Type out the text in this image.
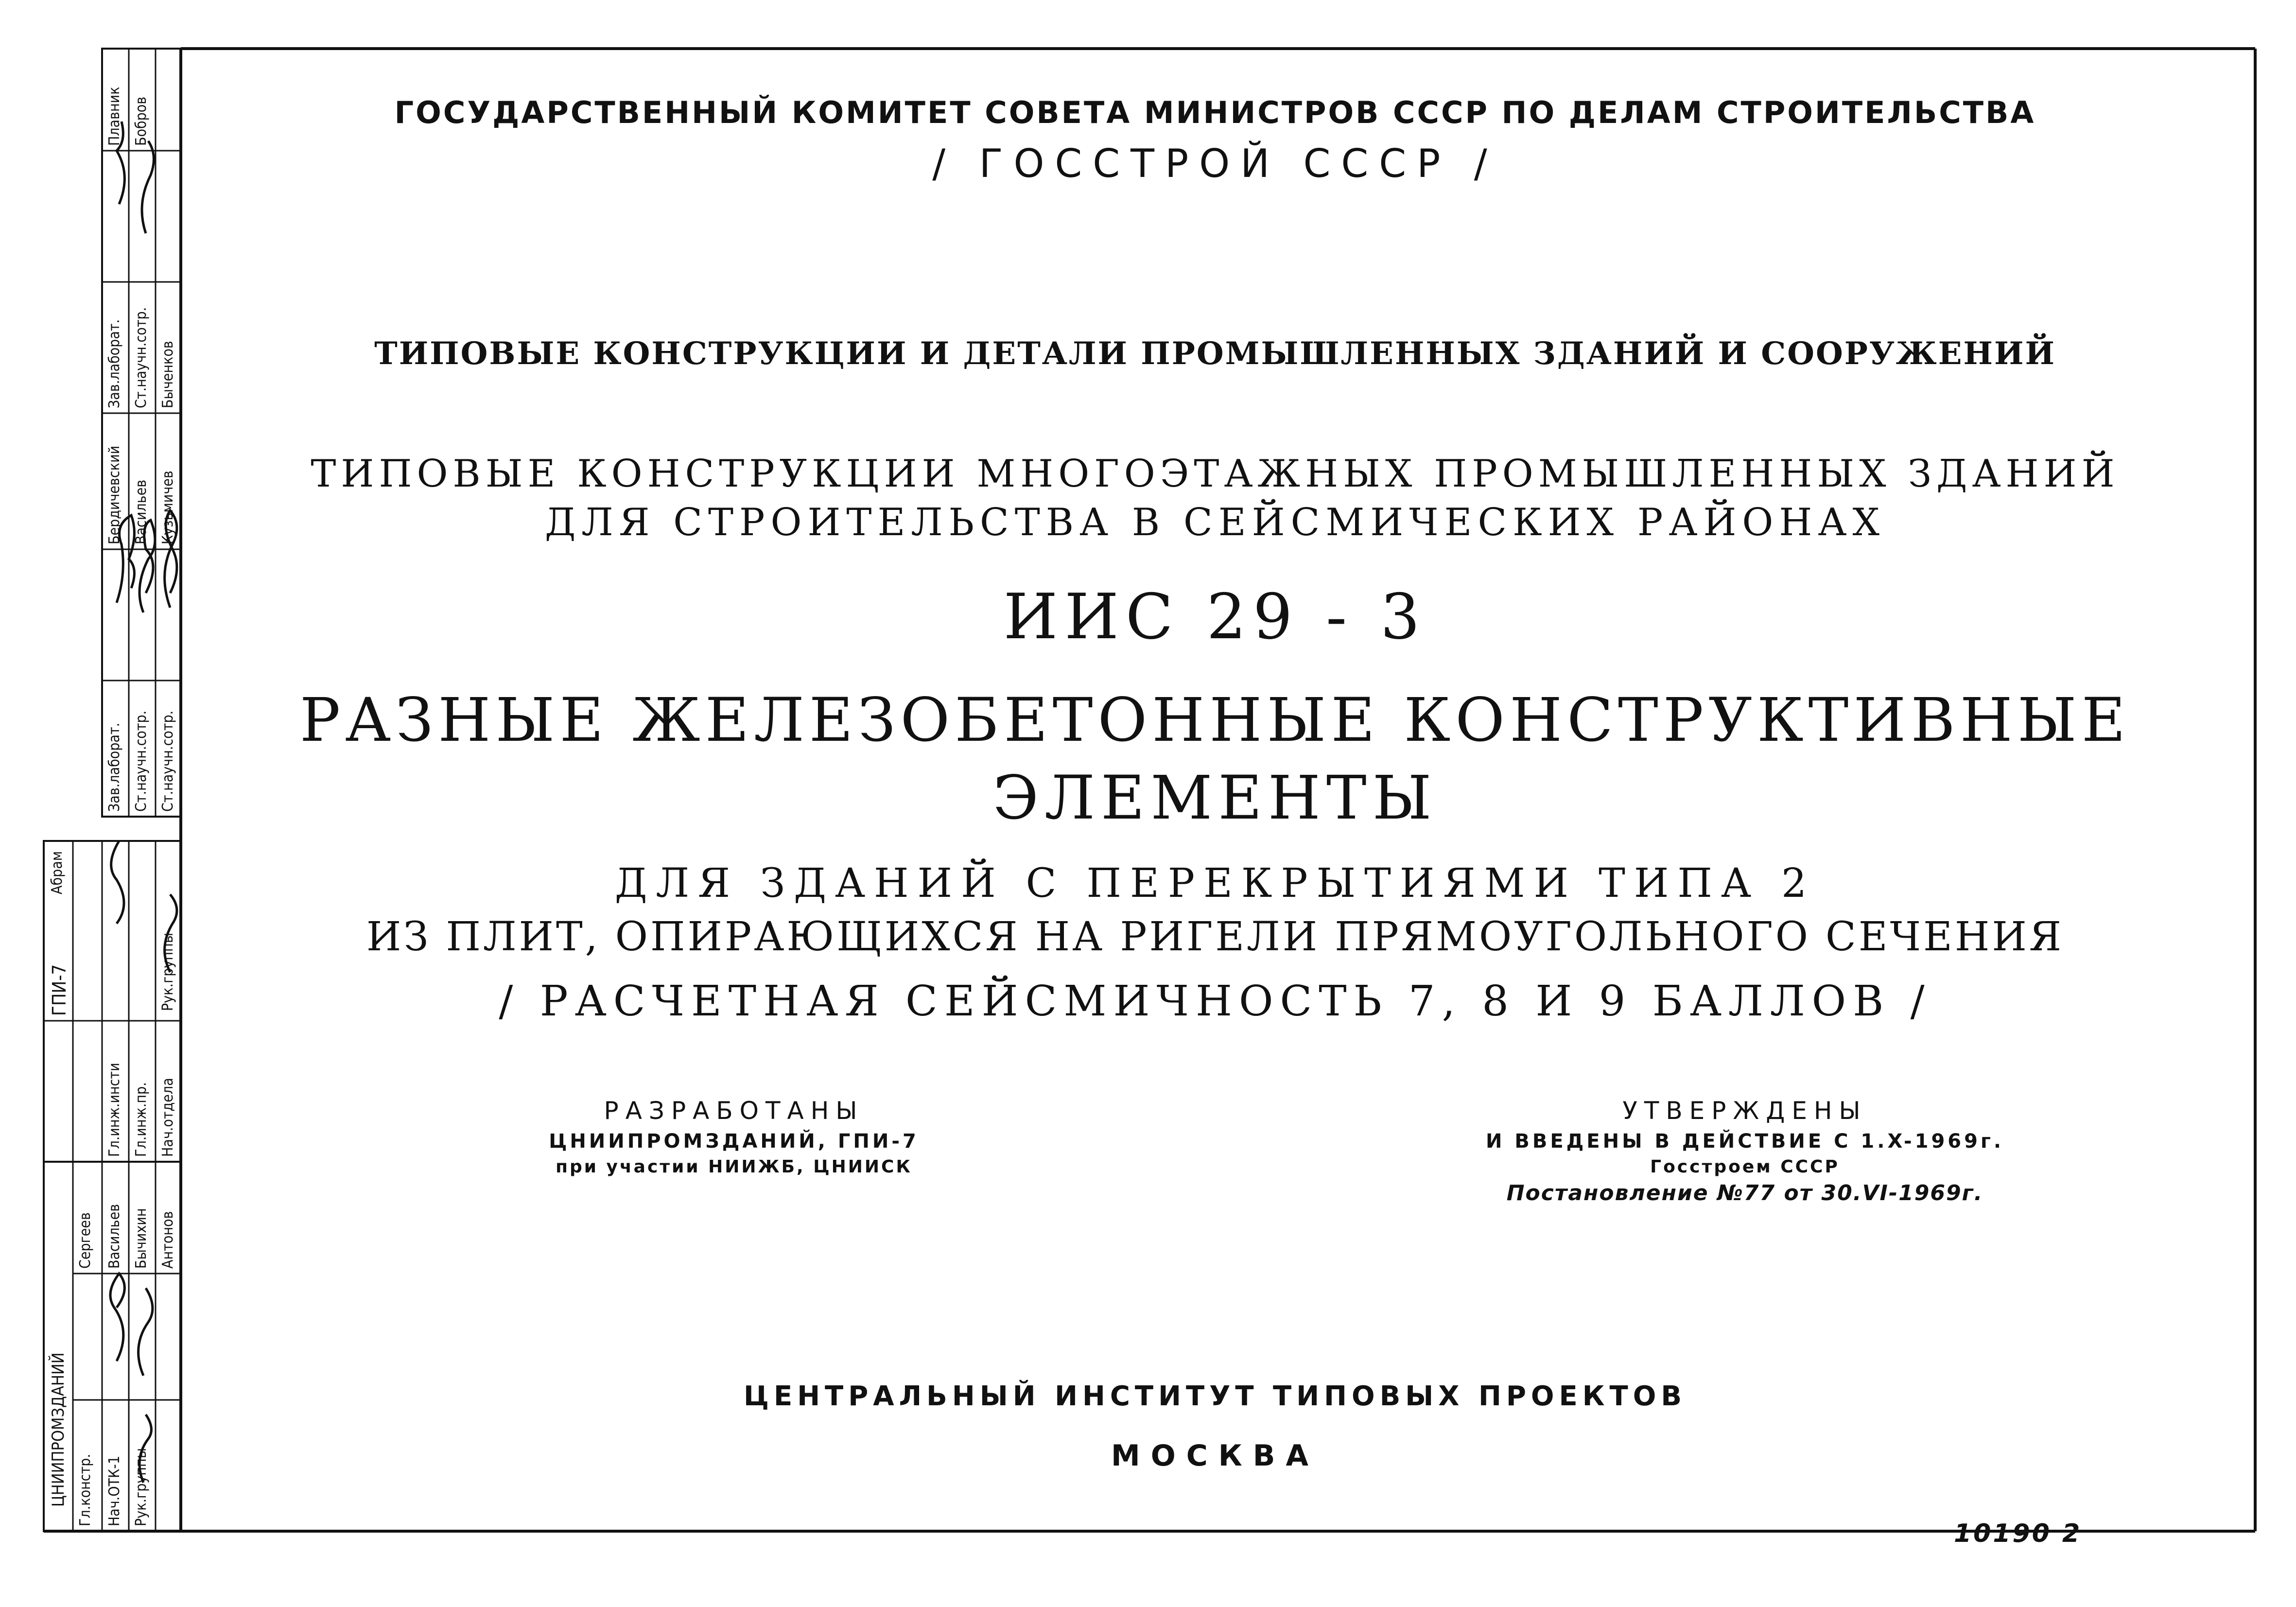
Зав.лаборат. Ст.научн.сотр. Ст.научн.сотр.
Зав.лаборат. Ст.научн.сотр.
Бердичевский Васильев Кузьмичев
Быченков
Плавник Бобров
ГПИ-7
Гл.инж.инсти Гл.инж.пр. Нач.отдела
Рук.группы
Абрам
ЦНИИПРОМЗДАНИЙ Гл.констр. Нач.ОТК-1 Рук.группы
Сергеев Васильев Бычихин Антонов
ГОСУДАРСТВЕННЫЙ КОМИТЕТ СОВЕТА МИНИСТРОВ СССР ПО ДЕЛАМ СТРОИТЕЛЬСТВА
/ ГОССТРОЙ СССР /
ТИПОВЫЕ КОНСТРУКЦИИ И ДЕТАЛИ ПРОМЫШЛЕННЫХ ЗДАНИЙ И СООРУЖЕНИЙ
ТИПОВЫЕ КОНСТРУКЦИИ МНОГОЭТАЖНЫХ ПРОМЫШЛЕННЫХ ЗДАНИЙ
ДЛЯ СТРОИТЕЛЬСТВА В СЕЙСМИЧЕСКИХ РАЙОНАХ
ИИС 29 - 3
РАЗНЫЕ ЖЕЛЕЗОБЕТОННЫЕ КОНСТРУКТИВНЫЕ
ЭЛЕМЕНТЫ
ДЛЯ ЗДАНИЙ С ПЕРЕКРЫТИЯМИ ТИПА 2
ИЗ ПЛИТ, ОПИРАЮЩИХСЯ НА РИГЕЛИ ПРЯМОУГОЛЬНОГО СЕЧЕНИЯ
/ РАСЧЕТНАЯ СЕЙСМИЧНОСТЬ 7, 8 И 9 БАЛЛОВ /
РАЗРАБОТАНЫ
ЦНИИПРОМЗДАНИЙ, ГПИ-7
при участии НИИЖБ, ЦНИИСК
УТВЕРЖДЕНЫ
И ВВЕДЕНЫ В ДЕЙСТВИЕ С 1.X-1969г.
Госстроем СССР
Постановление №77 от 30.VI-1969г.
ЦЕНТРАЛЬНЫЙ ИНСТИТУТ ТИПОВЫХ ПРОЕКТОВ
МОСКВА
10190 2
